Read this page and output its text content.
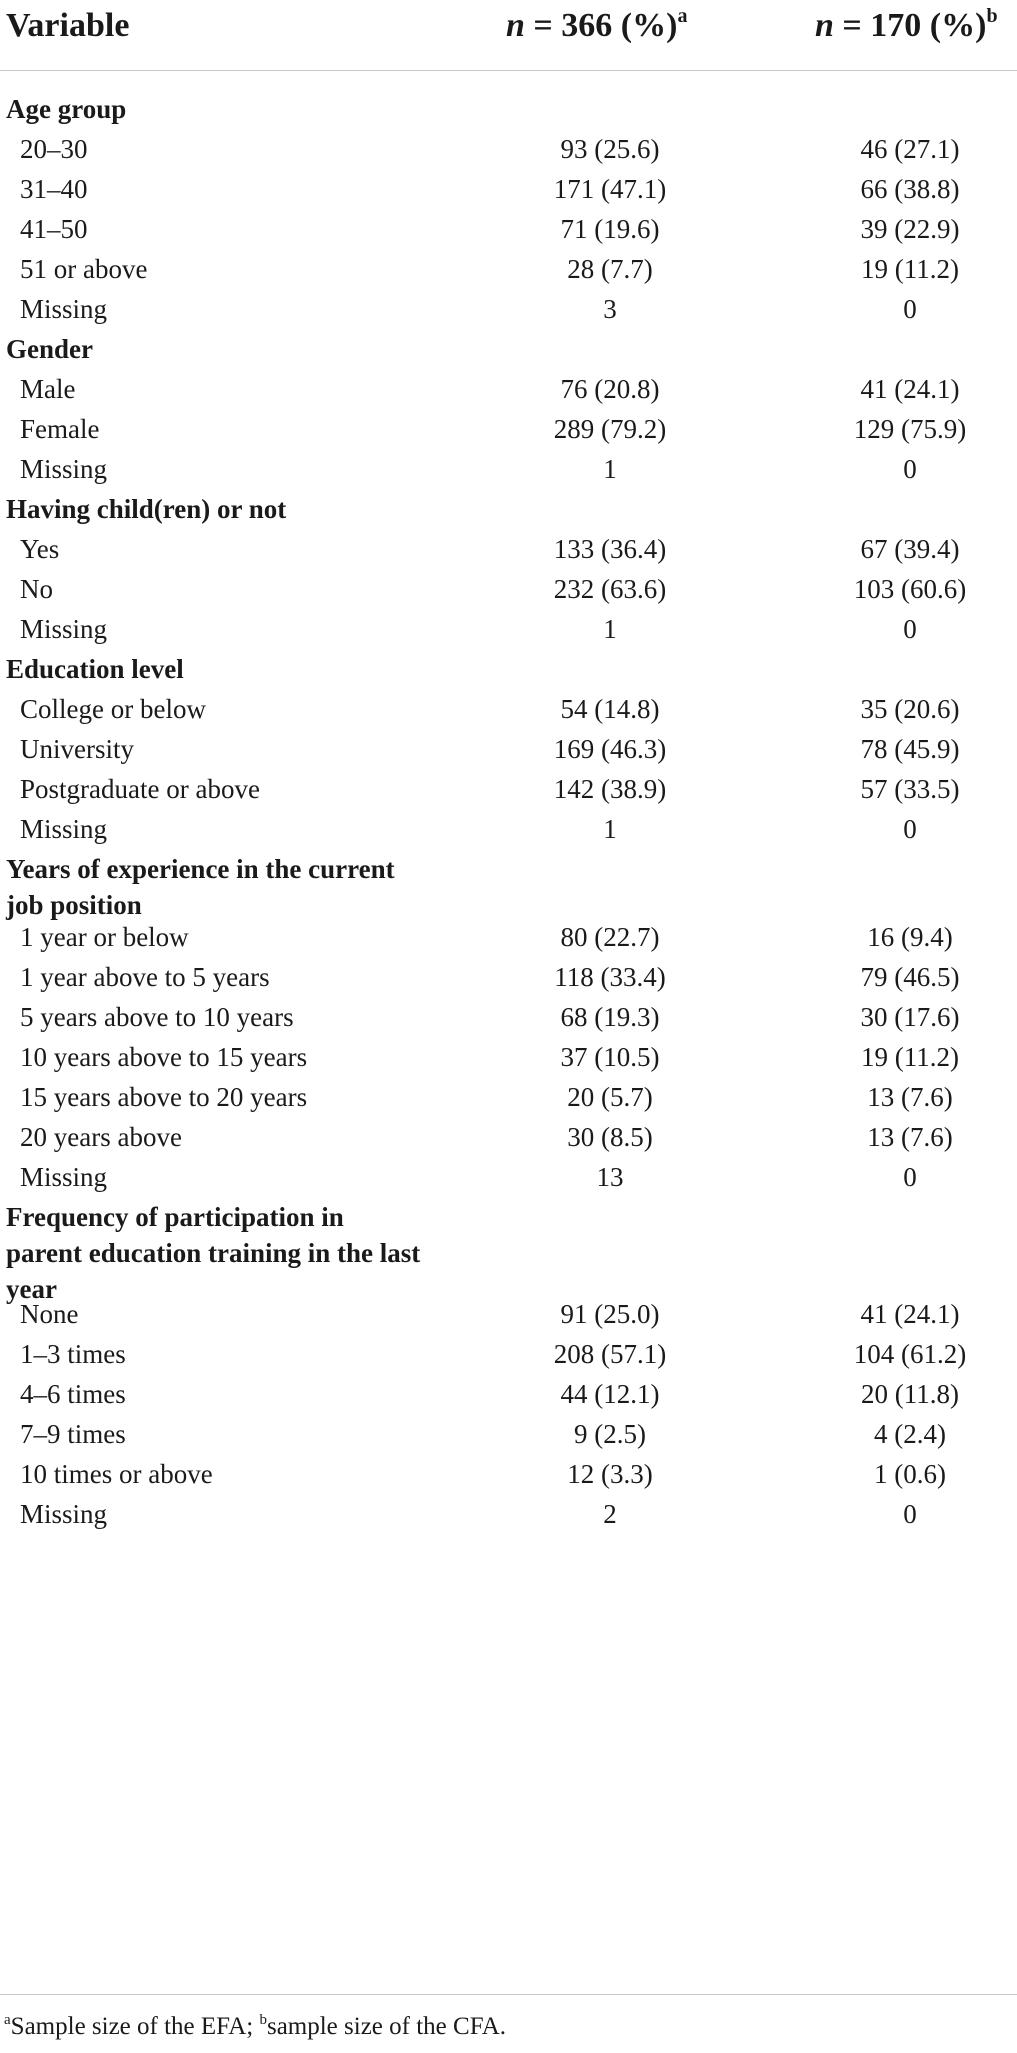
Variable	n = 366 (%)$^a$	n = 170 (%)$^b$
Age group
20–30	93 (25.6)	46 (27.1)
31–40	171 (47.1)	66 (38.8)
41–50	71 (19.6)	39 (22.9)
51 or above	28 (7.7)	19 (11.2)
Missing	3	0
Gender
Male	76 (20.8)	41 (24.1)
Female	289 (79.2)	129 (75.9)
Missing	1	0
Having child(ren) or not
Yes	133 (36.4)	67 (39.4)
No	232 (63.6)	103 (60.6)
Missing	1	0
Education level
College or below	54 (14.8)	35 (20.6)
University	169 (46.3)	78 (45.9)
Postgraduate or above	142 (38.9)	57 (33.5)
Missing	1	0
Years of experience in the current job position
1 year or below	80 (22.7)	16 (9.4)
1 year above to 5 years	118 (33.4)	79 (46.5)
5 years above to 10 years	68 (19.3)	30 (17.6)
10 years above to 15 years	37 (10.5)	19 (11.2)
15 years above to 20 years	20 (5.7)	13 (7.6)
20 years above	30 (8.5)	13 (7.6)
Missing	13	0
Frequency of participation in parent education training in the last year
None	91 (25.0)	41 (24.1)
1–3 times	208 (57.1)	104 (61.2)
4–6 times	44 (12.1)	20 (11.8)
7–9 times	9 (2.5)	4 (2.4)
10 times or above	12 (3.3)	1 (0.6)
Missing	2	0
$^a$Sample size of the EFA; $^b$sample size of the CFA.
